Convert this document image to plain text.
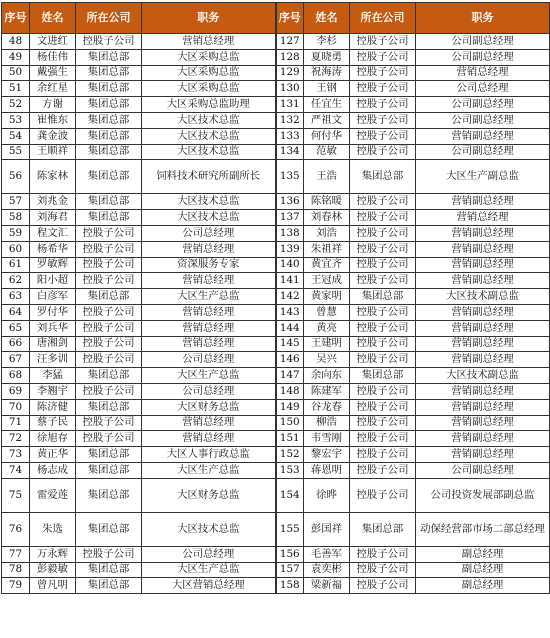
序号	姓名	所在公司	职务	序号	姓名	所在公司	职务
48	文进红	控股子公司	营销总经理	127	李杉	控股子公司	公司副总经理
49	杨佳伟	集团总部	大区采购总监	128	夏晓勇	控股子公司	公司副总经理
50	戴强生	集团总部	大区采购总监	129	祝海涛	控股子公司	营销总经理
51	余红星	集团总部	大区采购总监	130	王钢	控股子公司	公司总经理
52	方谢	集团总部	大区采购总监助理	131	任宜生	控股子公司	公司副总经理
53	崔惟东	集团总部	大区技术总监	132	严祖文	控股子公司	公司副总经理
54	龚金波	集团总部	大区技术总监	133	何付华	控股子公司	营销副总经理
55	王顺祥	集团总部	大区技术总监	134	范敏	控股子公司	公司副总经理
56	陈家林	集团总部	饲料技术研究所副所长	135	王浩	集团总部	大区生产副总监
57	刘兆金	集团总部	大区技术总监	136	陈铭暖	控股子公司	营销副总经理
58	刘海君	集团总部	大区技术总监	137	刘春林	控股子公司	营销总经理
59	程文汇	控股子公司	公司总经理	138	刘浩	控股子公司	营销副总经理
60	杨希华	控股子公司	营销总经理	139	朱祖祥	控股子公司	营销副总经理
61	罗敏辉	控股子公司	资深服务专家	140	黄宜齐	控股子公司	营销副总经理
62	阳小超	控股子公司	营销总经理	141	王冠成	控股子公司	营销副总经理
63	白彦军	集团总部	大区生产总监	142	黄家明	集团总部	大区技术副总监
64	罗付华	控股子公司	营销总经理	143	曾慧	控股子公司	营销副总经理
65	刘兵华	控股子公司	营销总经理	144	黄亮	控股子公司	营销副总经理
66	唐湘剑	控股子公司	营销总经理	145	王建明	控股子公司	营销副总经理
67	汪多训	控股子公司	公司总经理	146	吴兴	控股子公司	营销副总经理
68	李猛	集团总部	大区生产总监	147	余向东	集团总部	大区技术副总监
69	李翘宇	控股子公司	公司总经理	148	陈建军	控股子公司	营销副总经理
70	陈济健	集团总部	大区财务总监	149	谷龙春	控股子公司	营销副总经理
71	蔡子民	控股子公司	营销总经理	150	柳浩	控股子公司	营销副总经理
72	徐旭存	控股子公司	营销总经理	151	韦雪刚	控股子公司	营销副总经理
73	黄正华	集团总部	大区人事行政总监	152	黎宏宇	控股子公司	营销副总经理
74	杨志成	集团总部	大区生产总监	153	蒋恩明	控股子公司	公司副总经理
75	雷爱莲	集团总部	大区财务总监	154	徐晔	控股子公司	公司投资发展部副总监
76	朱选	集团总部	大区技术总监	155	彭国祥	集团总部	动保经营部市场二部总经理
77	万永辉	控股子公司	公司总经理	156	毛善军	控股子公司	副总经理
78	彭毅敏	集团总部	大区生产总监	157	袁奕彬	控股子公司	副总经理
79	曾凡明	集团总部	大区营销总经理	158	梁新福	控股子公司	副总经理
